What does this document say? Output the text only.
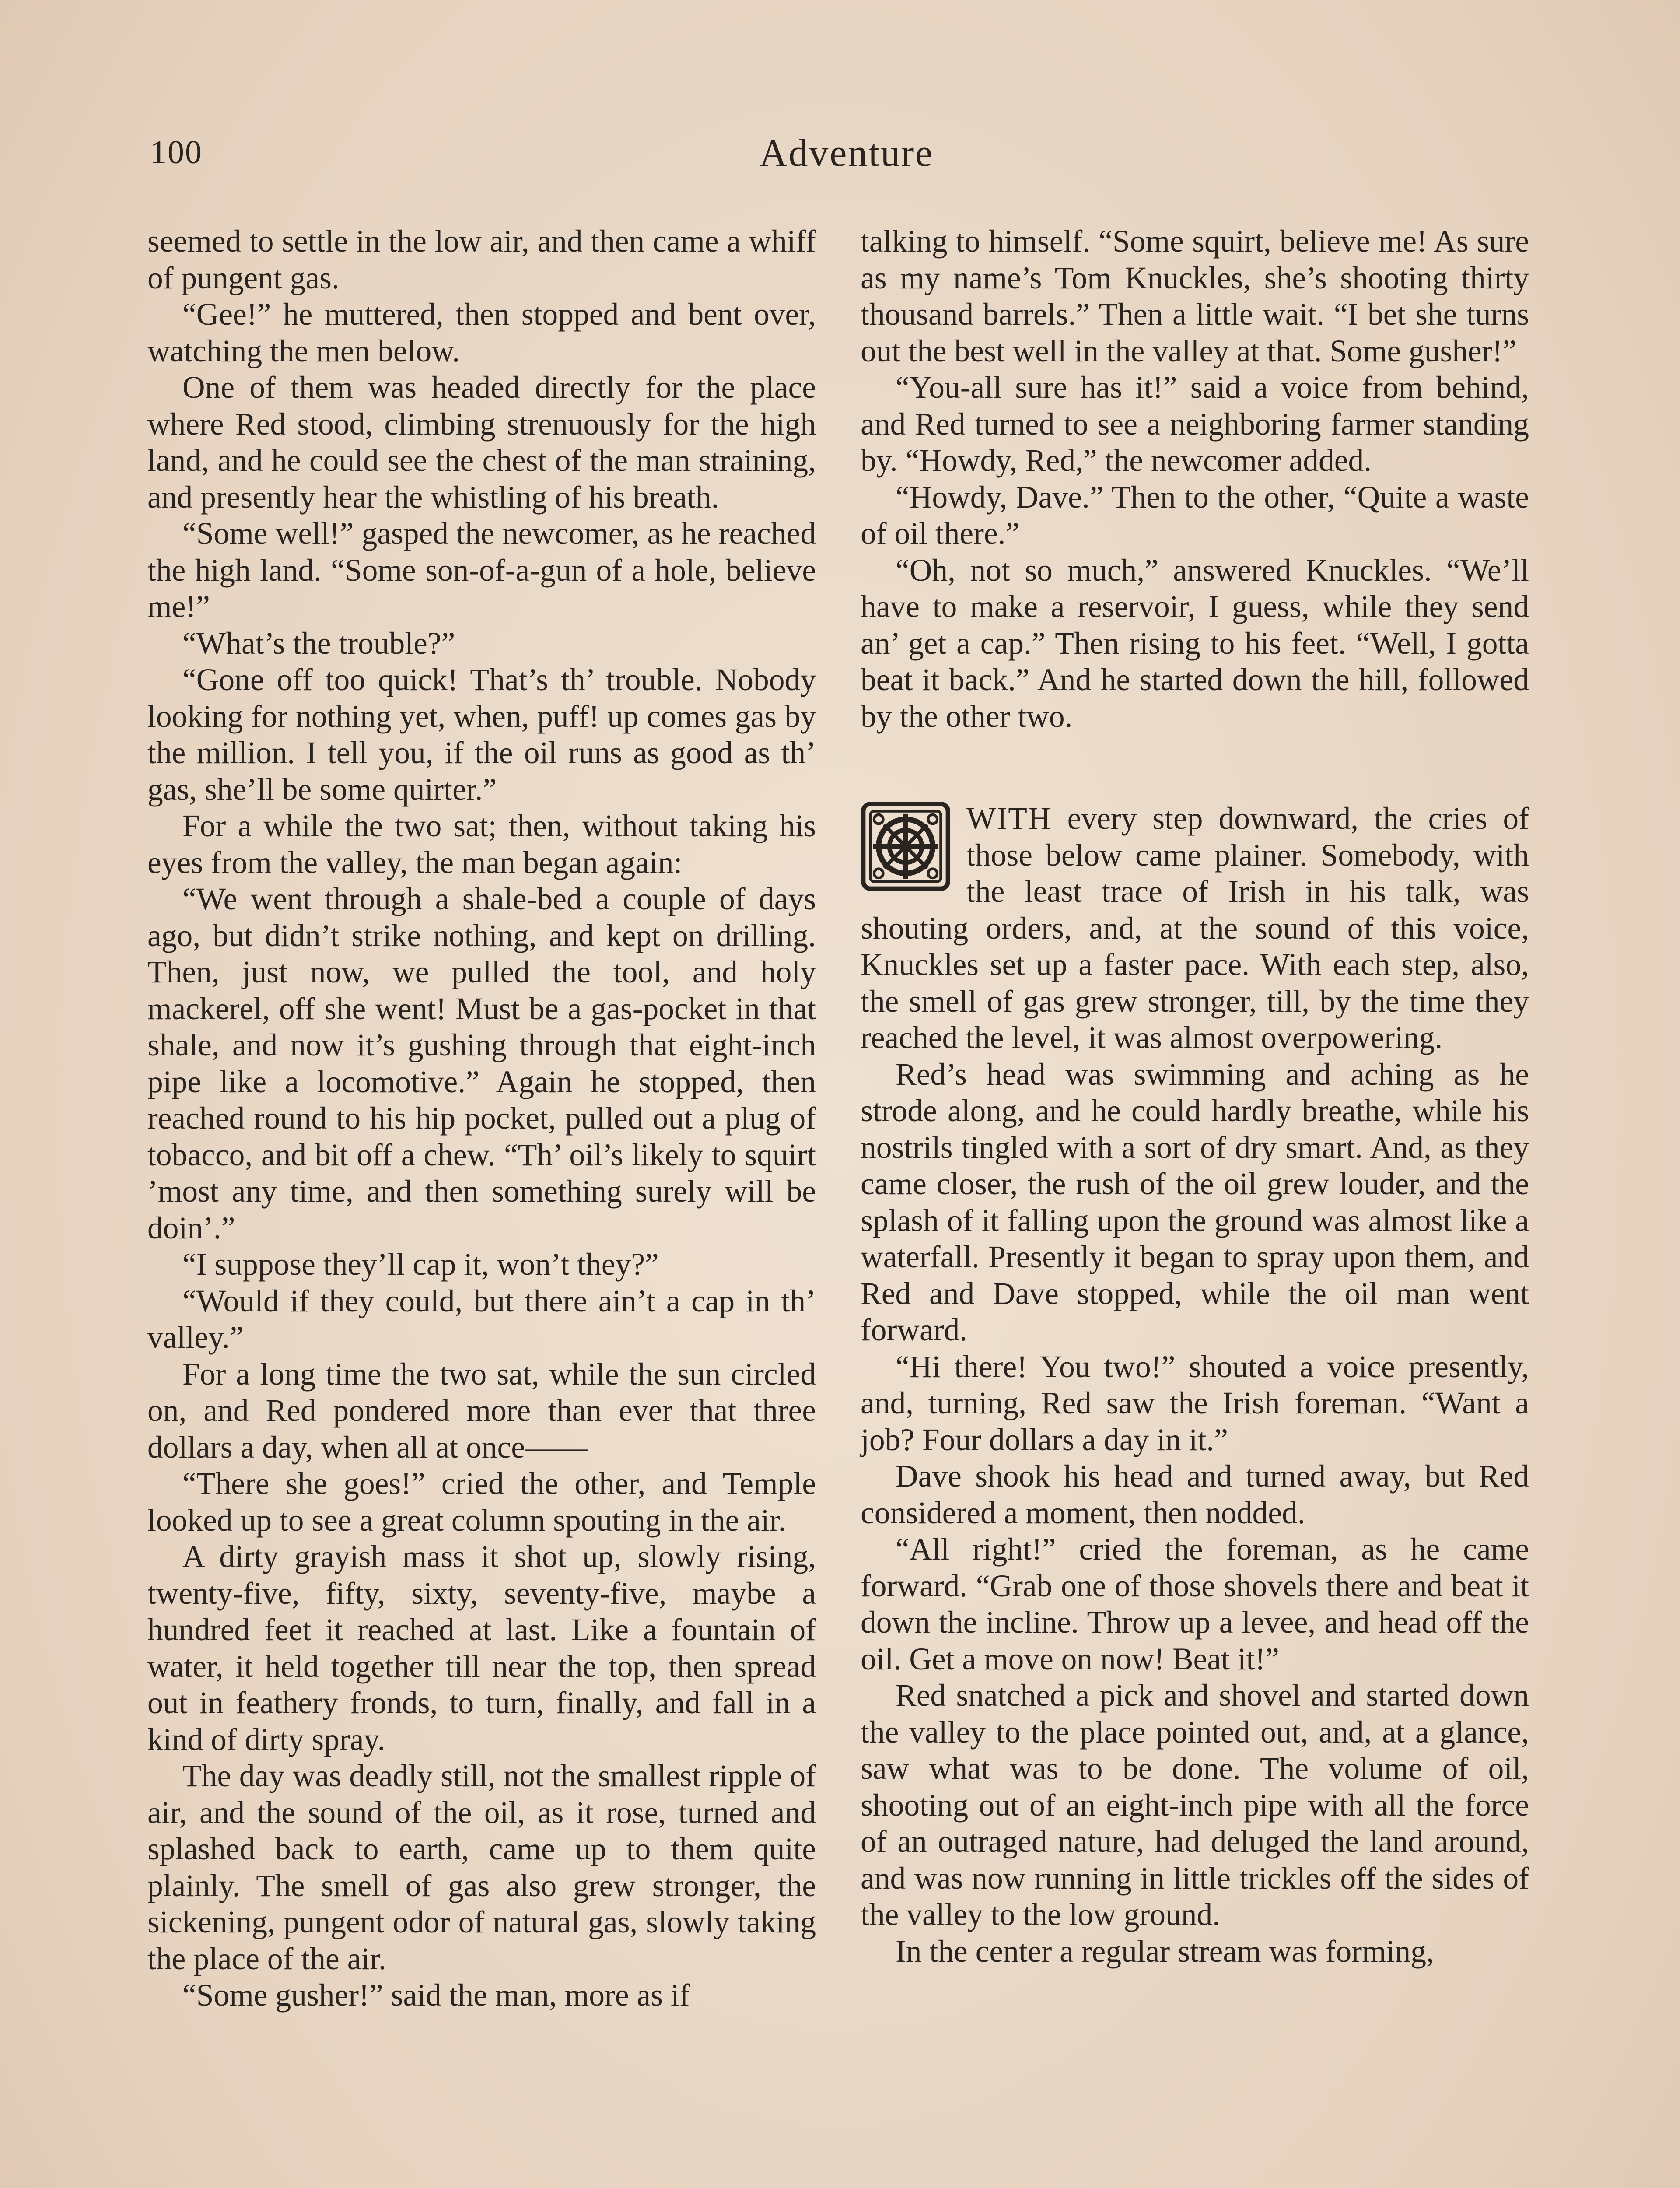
100	Adventure

seemed to settle in the low air, and then came a whiff of pungent gas.

“Gee!” he muttered, then stopped and bent over, watching the men below.

One of them was headed directly for the place where Red stood, climbing strenuously for the high land, and he could see the chest of the man straining, and presently hear the whistling of his breath.

“Some well!” gasped the newcomer, as he reached the high land. “Some son-of-a-gun of a hole, believe me!”

“What’s the trouble?”

“Gone off too quick! That’s th’ trouble. Nobody looking for nothing yet, when, puff! up comes gas by the million. I tell you, if the oil runs as good as th’ gas, she’ll be some quirter.”

For a while the two sat; then, without taking his eyes from the valley, the man began again:

“We went through a shale-bed a couple of days ago, but didn’t strike nothing, and kept on drilling. Then, just now, we pulled the tool, and holy mackerel, off she went! Must be a gas-pocket in that shale, and now it’s gushing through that eight-inch pipe like a locomotive.” Again he stopped, then reached round to his hip pocket, pulled out a plug of tobacco, and bit off a chew. “Th’ oil’s likely to squirt ’most any time, and then something surely will be doin’.”

“I suppose they’ll cap it, won’t they?”

“Would if they could, but there ain’t a cap in th’ valley.”

For a long time the two sat, while the sun circled on, and Red pondered more than ever that three dollars a day, when all at once——

“There she goes!” cried the other, and Temple looked up to see a great column spouting in the air.

A dirty grayish mass it shot up, slowly rising, twenty-five, fifty, sixty, seventy-five, maybe a hundred feet it reached at last. Like a fountain of water, it held together till near the top, then spread out in feathery fronds, to turn, finally, and fall in a kind of dirty spray.

The day was deadly still, not the smallest ripple of air, and the sound of the oil, as it rose, turned and splashed back to earth, came up to them quite plainly. The smell of gas also grew stronger, the sickening, pungent odor of natural gas, slowly taking the place of the air.

“Some gusher!” said the man, more as if

talking to himself. “Some squirt, believe me! As sure as my name’s Tom Knuckles, she’s shooting thirty thousand barrels.” Then a little wait. “I bet she turns out the best well in the valley at that. Some gusher!”

“You-all sure has it!” said a voice from behind, and Red turned to see a neighboring farmer standing by. “Howdy, Red,” the newcomer added.

“Howdy, Dave.” Then to the other, “Quite a waste of oil there.”

“Oh, not so much,” answered Knuckles. “We’ll have to make a reservoir, I guess, while they send an’ get a cap.” Then rising to his feet. “Well, I gotta beat it back.” And he started down the hill, followed by the other two.

WITH every step downward, the cries of those below came plainer. Somebody, with the least trace of Irish in his talk, was shouting orders, and, at the sound of this voice, Knuckles set up a faster pace. With each step, also, the smell of gas grew stronger, till, by the time they reached the level, it was almost overpowering.

Red’s head was swimming and aching as he strode along, and he could hardly breathe, while his nostrils tingled with a sort of dry smart. And, as they came closer, the rush of the oil grew louder, and the splash of it falling upon the ground was almost like a waterfall. Presently it began to spray upon them, and Red and Dave stopped, while the oil man went forward.

“Hi there! You two!” shouted a voice presently, and, turning, Red saw the Irish foreman. “Want a job? Four dollars a day in it.”

Dave shook his head and turned away, but Red considered a moment, then nodded.

“All right!” cried the foreman, as he came forward. “Grab one of those shovels there and beat it down the incline. Throw up a levee, and head off the oil. Get a move on now! Beat it!”

Red snatched a pick and shovel and started down the valley to the place pointed out, and, at a glance, saw what was to be done. The volume of oil, shooting out of an eight-inch pipe with all the force of an outraged nature, had deluged the land around, and was now running in little trickles off the sides of the valley to the low ground.

In the center a regular stream was forming,
